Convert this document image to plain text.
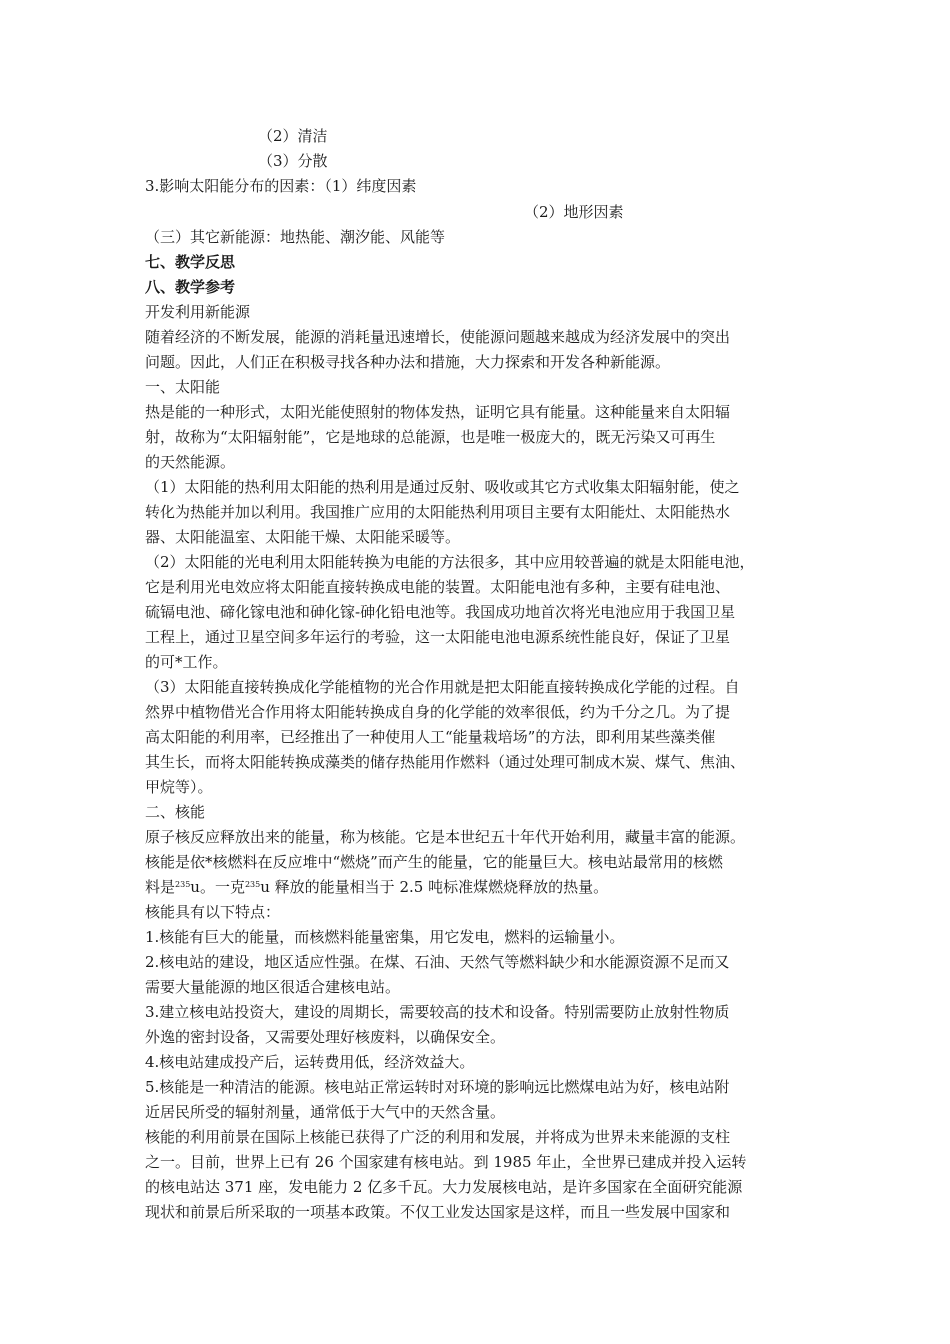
（2）清洁
（3）分散
3.影响太阳能分布的因素：（1）纬度因素
（2）地形因素
（三）其它新能源：地热能、潮汐能、风能等
七、教学反思
八、教学参考
开发利用新能源
随着经济的不断发展，能源的消耗量迅速增长，使能源问题越来越成为经济发展中的突出
问题。因此，人们正在积极寻找各种办法和措施，大力探索和开发各种新能源。
一、太阳能
热是能的一种形式，太阳光能使照射的物体发热，证明它具有能量。这种能量来自太阳辐
射，故称为“太阳辐射能”，它是地球的总能源，也是唯一极庞大的，既无污染又可再生
的天然能源。
（1）太阳能的热利用太阳能的热利用是通过反射、吸收或其它方式收集太阳辐射能，使之
转化为热能并加以利用。我国推广应用的太阳能热利用项目主要有太阳能灶、太阳能热水
器、太阳能温室、太阳能干燥、太阳能采暖等。
（2）太阳能的光电利用太阳能转换为电能的方法很多，其中应用较普遍的就是太阳能电池，
它是利用光电效应将太阳能直接转换成电能的装置。太阳能电池有多种，主要有硅电池、
硫镉电池、碲化镓电池和砷化镓-砷化铅电池等。我国成功地首次将光电池应用于我国卫星
工程上，通过卫星空间多年运行的考验，这一太阳能电池电源系统性能良好，保证了卫星
的可*工作。
（3）太阳能直接转换成化学能植物的光合作用就是把太阳能直接转换成化学能的过程。自
然界中植物借光合作用将太阳能转换成自身的化学能的效率很低，约为千分之几。为了提
高太阳能的利用率，已经推出了一种使用人工“能量栽培场”的方法，即利用某些藻类催
其生长，而将太阳能转换成藻类的储存热能用作燃料（通过处理可制成木炭、煤气、焦油、
甲烷等）。
二、核能
原子核反应释放出来的能量，称为核能。它是本世纪五十年代开始利用，藏量丰富的能源。
核能是依*核燃料在反应堆中“燃烧”而产生的能量，它的能量巨大。核电站最常用的核燃
料是$^{235}$u。一克$^{235}$u 释放的能量相当于 2.5 吨标准煤燃烧释放的热量。
核能具有以下特点：
1.核能有巨大的能量，而核燃料能量密集，用它发电，燃料的运输量小。
2.核电站的建设，地区适应性强。在煤、石油、天然气等燃料缺少和水能源资源不足而又
需要大量能源的地区很适合建核电站。
3.建立核电站投资大，建设的周期长，需要较高的技术和设备。特别需要防止放射性物质
外逸的密封设备，又需要处理好核废料，以确保安全。
4.核电站建成投产后，运转费用低，经济效益大。
5.核能是一种清洁的能源。核电站正常运转时对环境的影响远比燃煤电站为好，核电站附
近居民所受的辐射剂量，通常低于大气中的天然含量。
核能的利用前景在国际上核能已获得了广泛的利用和发展，并将成为世界未来能源的支柱
之一。目前，世界上已有 26 个国家建有核电站。到 1985 年止，全世界已建成并投入运转
的核电站达 371 座，发电能力 2 亿多千瓦。大力发展核电站，是许多国家在全面研究能源
现状和前景后所采取的一项基本政策。不仅工业发达国家是这样，而且一些发展中国家和
